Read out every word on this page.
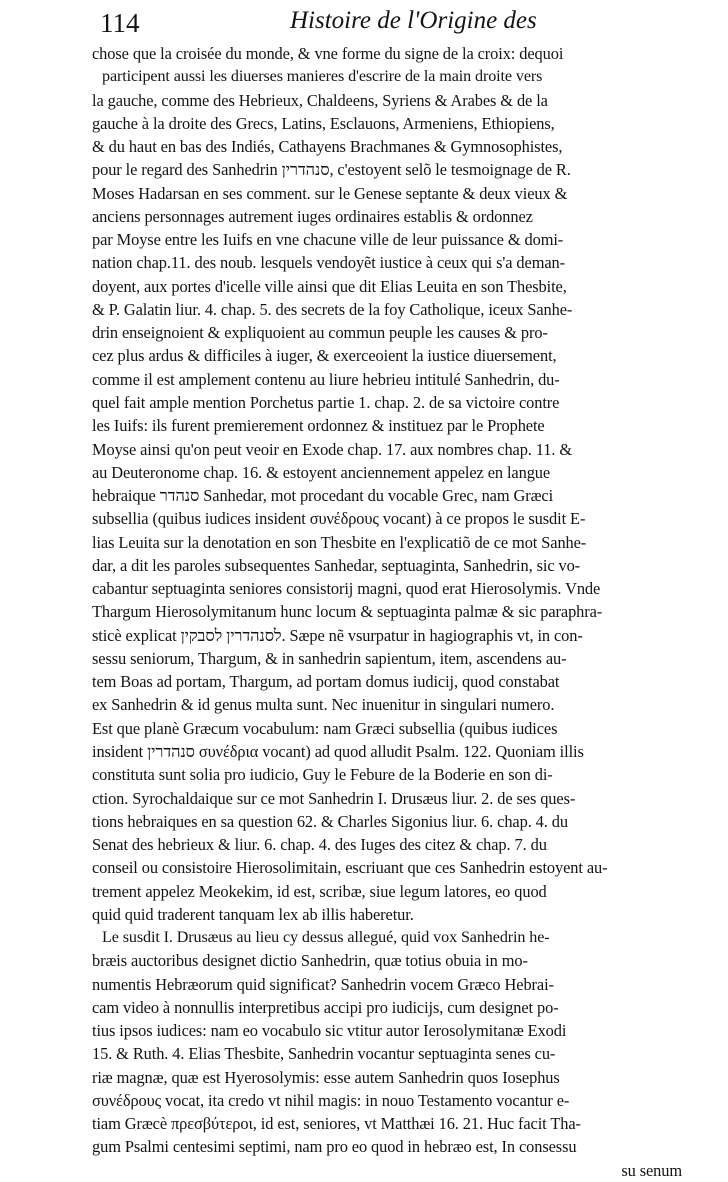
114	Histoire de l'Origine des
chose que la croisée du monde, & vne forme du signe de la croix: dequoi
participent aussi les diuerses manieres d'escrire de la main droite vers
la gauche, comme des Hebrieux, Chaldeens, Syriens & Arabes & de la
gauche à la droite des Grecs, Latins, Esclauons, Armeniens, Ethiopiens,
& du haut en bas des Indiés, Cathayens Brachmanes & Gymnosophistes,
pour le regard des Sanhedrin סנהדרין, c'estoyent selõ le tesmoignage de R.
Moses Hadarsan en ses comment. sur le Genese septante & deux vieux &
anciens personnages autrement iuges ordinaires establis & ordonnez
par Moyse entre les Iuifs en vne chacune ville de leur puissance & domi-
nation chap.11. des noub. lesquels vendoyẽt iustice à ceux qui s'a deman-
doyent, aux portes d'icelle ville ainsi que dit Elias Leuita en son Thesbite,
& P. Galatin liur. 4. chap. 5. des secrets de la foy Catholique, iceux Sanhe-
drin enseignoient & expliquoient au commun peuple les causes & pro-
cez plus ardus & difficiles à iuger, & exerceoient la iustice diuersement,
comme il est amplement contenu au liure hebrieu intitulé Sanhedrin, du-
quel fait ample mention Porchetus partie 1. chap. 2. de sa victoire contre
les Iuifs: ils furent premierement ordonnez & instituez par le Prophete
Moyse ainsi qu'on peut veoir en Exode chap. 17. aux nombres chap. 11. &
au Deuteronome chap. 16. & estoyent anciennement appelez en langue
hebraique סנהדר Sanhedar, mot procedant du vocable Grec, nam Græci
subsellia (quibus iudices insident συνέδρους vocant) à ce propos le susdit E-
lias Leuita sur la denotation en son Thesbite en l'explicatiõ de ce mot Sanhe-
dar, a dit les paroles subsequentes Sanhedar, septuaginta, Sanhedrin, sic vo-
cabantur septuaginta seniores consistorij magni, quod erat Hierosolymis. Vnde
Thargum Hierosolymitanum hunc locum & septuaginta palmæ & sic paraphra-
sticè explicat לסנהדרין לסבקין. Sæpe nẽ vsurpatur in hagiographis vt, in con-
sessu seniorum, Thargum, & in sanhedrin sapientum, item, ascendens au-
tem Boas ad portam, Thargum, ad portam domus iudicij, quod constabat
ex Sanhedrin & id genus multa sunt. Nec inuenitur in singulari numero.
Est que planè Græcum vocabulum: nam Græci subsellia (quibus iudices
insident סנהדרין συνέδρια vocant) ad quod alludit Psalm. 122. Quoniam illis
constituta sunt solia pro iudicio, Guy le Febure de la Boderie en son di-
ction. Syrochaldaique sur ce mot Sanhedrin I. Drusæus liur. 2. de ses ques-
tions hebraiques en sa question 62. & Charles Sigonius liur. 6. chap. 4. du
Senat des hebrieux & liur. 6. chap. 4. des Iuges des citez & chap. 7. du
conseil ou consistoire Hierosolimitain, escriuant que ces Sanhedrin estoyent au-
trement appelez Meokekim, id est, scribæ, siue legum latores, eo quod
quid quid traderent tanquam lex ab illis haberetur.
Le susdit I. Drusæus au lieu cy dessus allegué, quid vox Sanhedrin he-
bræis auctoribus designet dictio Sanhedrin, quæ totius obuia in mo-
numentis Hebræorum quid significat? Sanhedrin vocem Græco Hebrai-
cam video à nonnullis interpretibus accipi pro iudicijs, cum designet po-
tius ipsos iudices: nam eo vocabulo sic vtitur autor Ierosolymitanæ Exodi
15. & Ruth. 4. Elias Thesbite, Sanhedrin vocantur septuaginta senes cu-
riæ magnæ, quæ est Hyerosolymis: esse autem Sanhedrin quos Iosephus
συνέδρους vocat, ita credo vt nihil magis: in nouo Testamento vocantur e-
tiam Græcè πρεσβύτεροι, id est, seniores, vt Matthæi 16. 21. Huc facit Tha-
gum Psalmi centesimi septimi, nam pro eo quod in hebræo est, In consessu
su senum
